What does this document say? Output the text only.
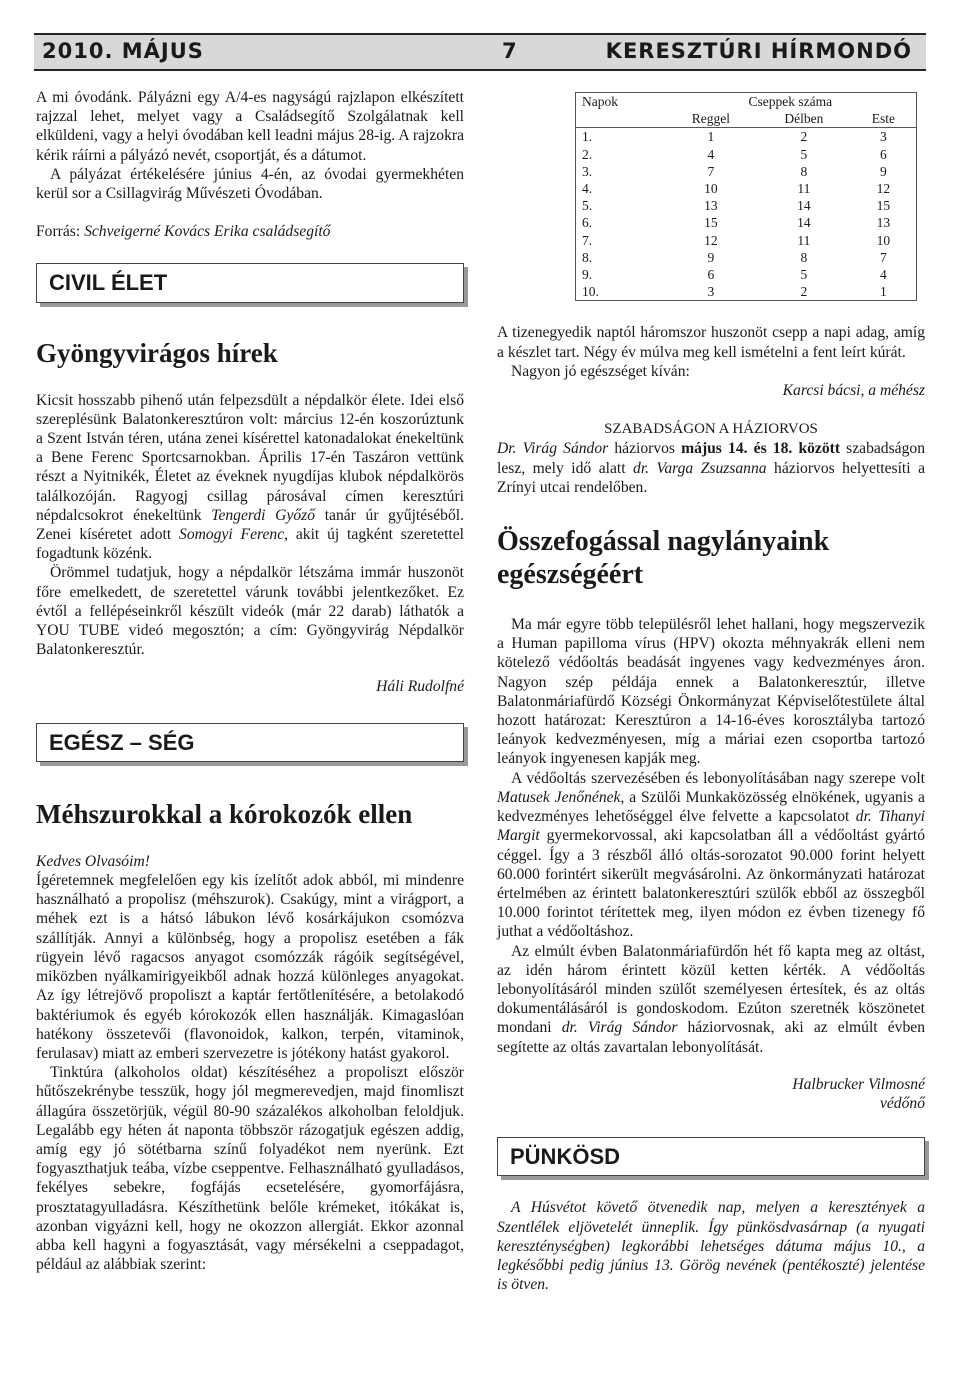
2010. MÁJUS	7	KERESZTÚRI HÍRMONDÓ

A mi óvodánk. Pályázni egy A/4-es nagyságú rajzlapon elkészített rajzzal lehet, melyet vagy a Családsegítő Szolgálatnak kell elküldeni, vagy a helyi óvodában kell leadni május 28-ig. A rajzokra kérik ráírni a pályázó nevét, csoportját, és a dátumot.

A pályázat értékelésére június 4-én, az óvodai gyermekhéten kerül sor a Csillagvirág Művészeti Óvodában.

Forrás: Schveigerné Kovács Erika családsegítő

CIVIL ÉLET
Gyöngyvirágos hírek

Kicsit hosszabb pihenő után felpezsdült a népdalkör élete. Idei első szereplésünk Balatonkeresztúron volt: március 12-én koszorúztunk a Szent István téren, utána zenei kísérettel katonadalokat énekeltünk a Bene Ferenc Sportcsarnokban. Április 17-én Taszáron vettünk részt a Nyitnikék, Életet az éveknek nyugdíjas klubok népdalkörös találkozóján. Ragyogj csillag párosával címen keresztúri népdalcsokrot énekeltünk Tengerdi Győző tanár úr gyűjtéséből. Zenei kíséretet adott Somogyi Ferenc, akit új tagként szeretettel fogadtunk közénk.

Örömmel tudatjuk, hogy a népdalkör létszáma immár huszonöt főre emelkedett, de szeretettel várunk további jelentkezőket. Ez évtől a fellépéseinkről készült videók (már 22 darab) láthatók a YOU TUBE videó megosztón; a cím: Gyöngyvirág Népdalkör Balatonkeresztúr.

Háli Rudolfné

EGÉSZ – SÉG
Méhszurokkal a kórokozók ellen

Kedves Olvasóim!

Ígéretemnek megfelelően egy kis ízelítőt adok abból, mi mindenre használható a propolisz (méhszurok). Csakúgy, mint a virágport, a méhek ezt is a hátsó lábukon lévő kosárkájukon csomózva szállítják. Annyi a különbség, hogy a propolisz esetében a fák rügyein lévő ragacsos anyagot csomózzák rágóik segítségével, miközben nyálkamirigyeikből adnak hozzá különleges anyagokat. Az így létrejövő propoliszt a kaptár fertőtlenítésére, a betolakodó baktériumok és egyéb kórokozók ellen használják. Kimagaslóan hatékony összetevői (flavonoidok, kalkon, terpén, vitaminok, ferulasav) miatt az emberi szervezetre is jótékony hatást gyakorol.

Tinktúra (alkoholos oldat) készítéséhez a propoliszt először hűtőszekrénybe tesszük, hogy jól megmerevedjen, majd finomliszt állagúra összetörjük, végül 80-90 százalékos alkoholban feloldjuk. Legalább egy héten át naponta többször rázogatjuk egészen addig, amíg egy jó sötétbarna színű folyadékot nem nyerünk. Ezt fogyaszthatjuk teába, vízbe cseppentve. Felhasználható gyulladásos, fekélyes sebekre, fogfájás ecsetelésére, gyomorfájásra, prosztatagyulladásra. Készíthetünk belőle krémeket, itókákat is, azonban vigyázni kell, hogy ne okozzon allergiát. Ekkor azonnal abba kell hagyni a fogyasztását, vagy mérsékelni a cseppadagot, például az alábbiak szerint:

Napok	Cseppek száma		
	Reggel	Délben	Este
1.	1	2	3
2.	4	5	6
3.	7	8	9
4.	10	11	12
5.	13	14	15
6.	15	14	13
7.	12	11	10
8.	9	8	7
9.	6	5	4
10.	3	2	1

A tizenegyedik naptól háromszor huszonöt csepp a napi adag, amíg a készlet tart. Négy év múlva meg kell ismételni a fent leírt kúrát.

Nagyon jó egészséget kíván:

Karcsi bácsi, a méhész

SZABADSÁGON A HÁZIORVOS

Dr. Virág Sándor háziorvos május 14. és 18. között szabadságon lesz, mely idő alatt dr. Varga Zsuzsanna háziorvos helyettesíti a Zrínyi utcai rendelőben.

Összefogással nagylányaink egészségéért

Ma már egyre több településről lehet hallani, hogy megszervezik a Human papilloma vírus (HPV) okozta méhnyakrák elleni nem kötelező védőoltás beadását ingyenes vagy kedvezményes áron. Nagyon szép példája ennek a Balatonkeresztúr, illetve Balatonmáriafürdő Községi Önkormányzat Képviselőtestülete által hozott határozat: Keresztúron a 14-16-éves korosztályba tartozó leányok kedvezményesen, míg a máriai ezen csoportba tartozó leányok ingyenesen kapják meg.

A védőoltás szervezésében és lebonyolításában nagy szerepe volt Matusek Jenőnének, a Szülői Munkaközösség elnökének, ugyanis a kedvezményes lehetőséggel élve felvette a kapcsolatot dr. Tihanyi Margit gyermekorvossal, aki kapcsolatban áll a védőoltást gyártó céggel. Így a 3 részből álló oltás-sorozatot 90.000 forint helyett 60.000 forintért sikerült megvásárolni. Az önkormányzati határozat értelmében az érintett balatonkeresztúri szülők ebből az összegből 10.000 forintot térítettek meg, ilyen módon ez évben tizenegy fő juthat a védőoltáshoz.

Az elmúlt évben Balatonmáriafürdőn hét fő kapta meg az oltást, az idén három érintett közül ketten kérték. A védőoltás lebonyolításáról minden szülőt személyesen értesítek, és az oltás dokumentálásáról is gondoskodom. Ezúton szeretnék köszönetet mondani dr. Virág Sándor háziorvosnak, aki az elmúlt évben segítette az oltás zavartalan lebonyolítását.

Halbrucker Vilmosné

védőnő

PÜNKÖSD

A Húsvétot követő ötvenedik nap, melyen a keresztények a Szentlélek eljövetelét ünneplik. Így pünkösdvasárnap (a nyugati kereszténységben) legkorábbi lehetséges dátuma május 10., a legkésőbbi pedig június 13. Görög nevének (pentékoszté) jelentése is ötven.
